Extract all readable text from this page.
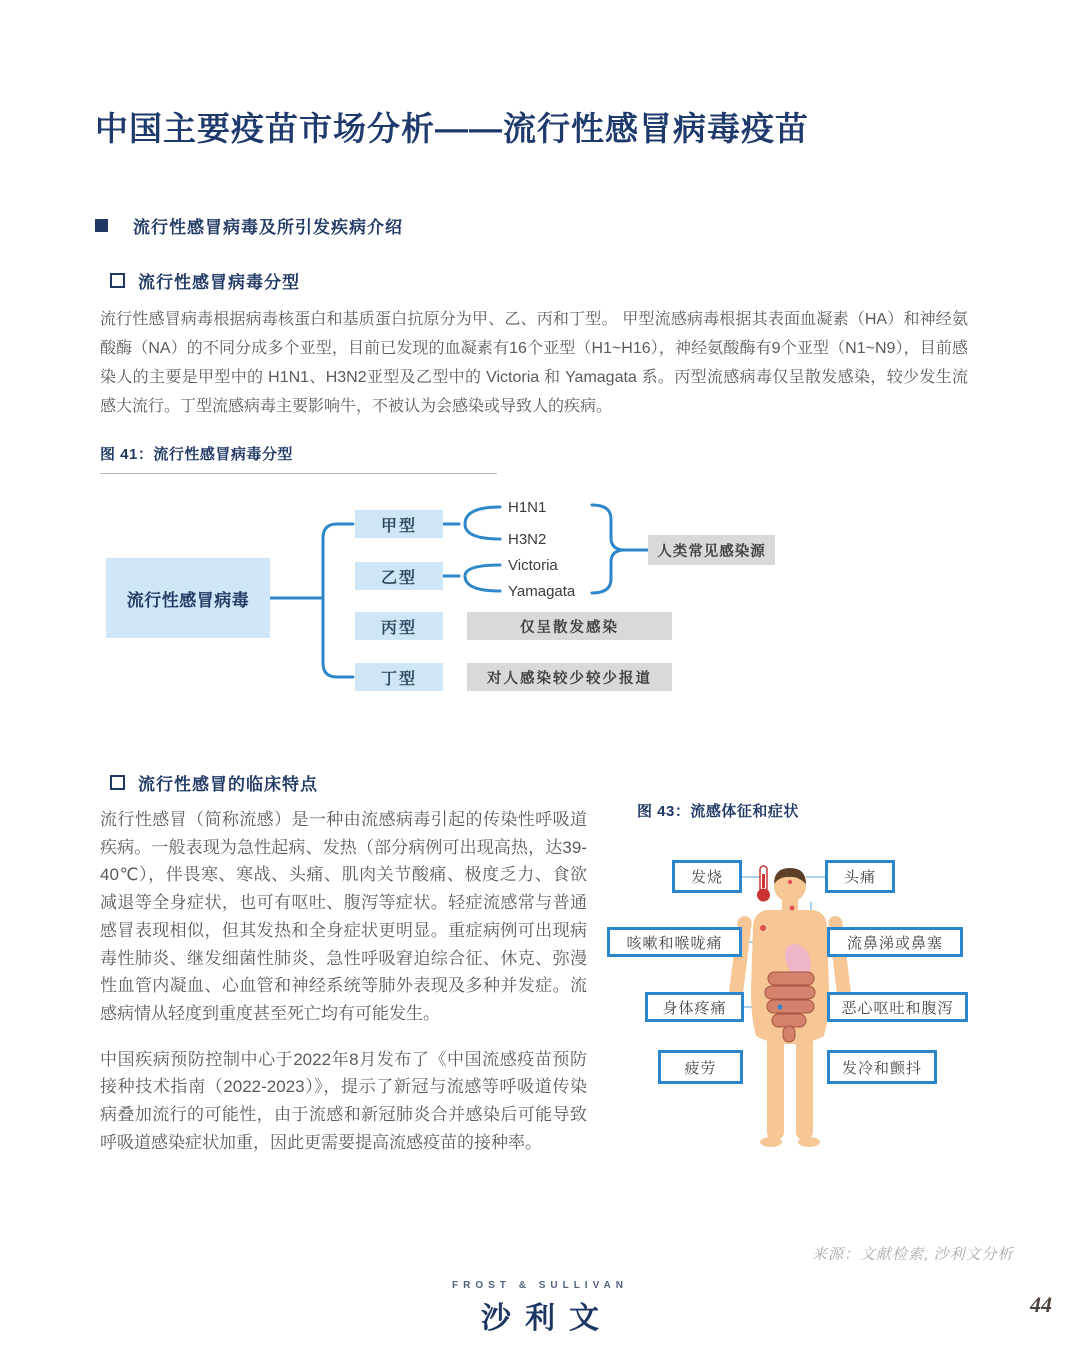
中国主要疫苗市场分析——流行性感冒病毒疫苗
流行性感冒病毒及所引发疾病介绍
流行性感冒病毒分型
流行性感冒病毒根据病毒核蛋白和基质蛋白抗原分为甲、乙、丙和丁型。 甲型流感病毒根据其表面血凝素（HA）和神经氨酸酶（NA）的不同分成多个亚型，目前已发现的血凝素有16个亚型（H1~H16），神经氨酸酶有9个亚型（N1~N9），目前感染人的主要是甲型中的 H1N1、H3N2亚型及乙型中的 Victoria 和 Yamagata 系。丙型流感病毒仅呈散发感染，较少发生流感大流行。丁型流感病毒主要影响牛，不被认为会感染或导致人的疾病。
图 41：流行性感冒病毒分型
流行性感冒病毒
甲型
乙型
丙型
丁型
H1N1
H3N2
Victoria
Yamagata
人类常见感染源
仅呈散发感染
对人感染较少较少报道
流行性感冒的临床特点

流行性感冒（简称流感）是一种由流感病毒引起的传染性呼吸道疾病。一般表现为急性起病、发热（部分病例可出现高热，达39-40℃），伴畏寒、寒战、头痛、肌肉关节酸痛、极度乏力、食欲减退等全身症状，也可有呕吐、腹泻等症状。轻症流感常与普通感冒表现相似，但其发热和全身症状更明显。重症病例可出现病毒性肺炎、继发细菌性肺炎、急性呼吸窘迫综合征、休克、弥漫性血管内凝血、心血管和神经系统等肺外表现及多种并发症。流感病情从轻度到重度甚至死亡均有可能发生。

中国疾病预防控制中心于2022年8月发布了《中国流感疫苗预防接种技术指南（2022-2023）》，提示了新冠与流感等呼吸道传染病叠加流行的可能性，由于流感和新冠肺炎合并感染后可能导致呼吸道感染症状加重，因此更需要提高流感疫苗的接种率。

图 43：流感体征和症状
发烧	头痛
咳嗽和喉咙痛	流鼻涕或鼻塞
身体疼痛	恶心呕吐和腹泻
疲劳	发冷和颤抖
来源：文献检索, 沙利文分析
FROST & SULLIVAN
沙利文	44
